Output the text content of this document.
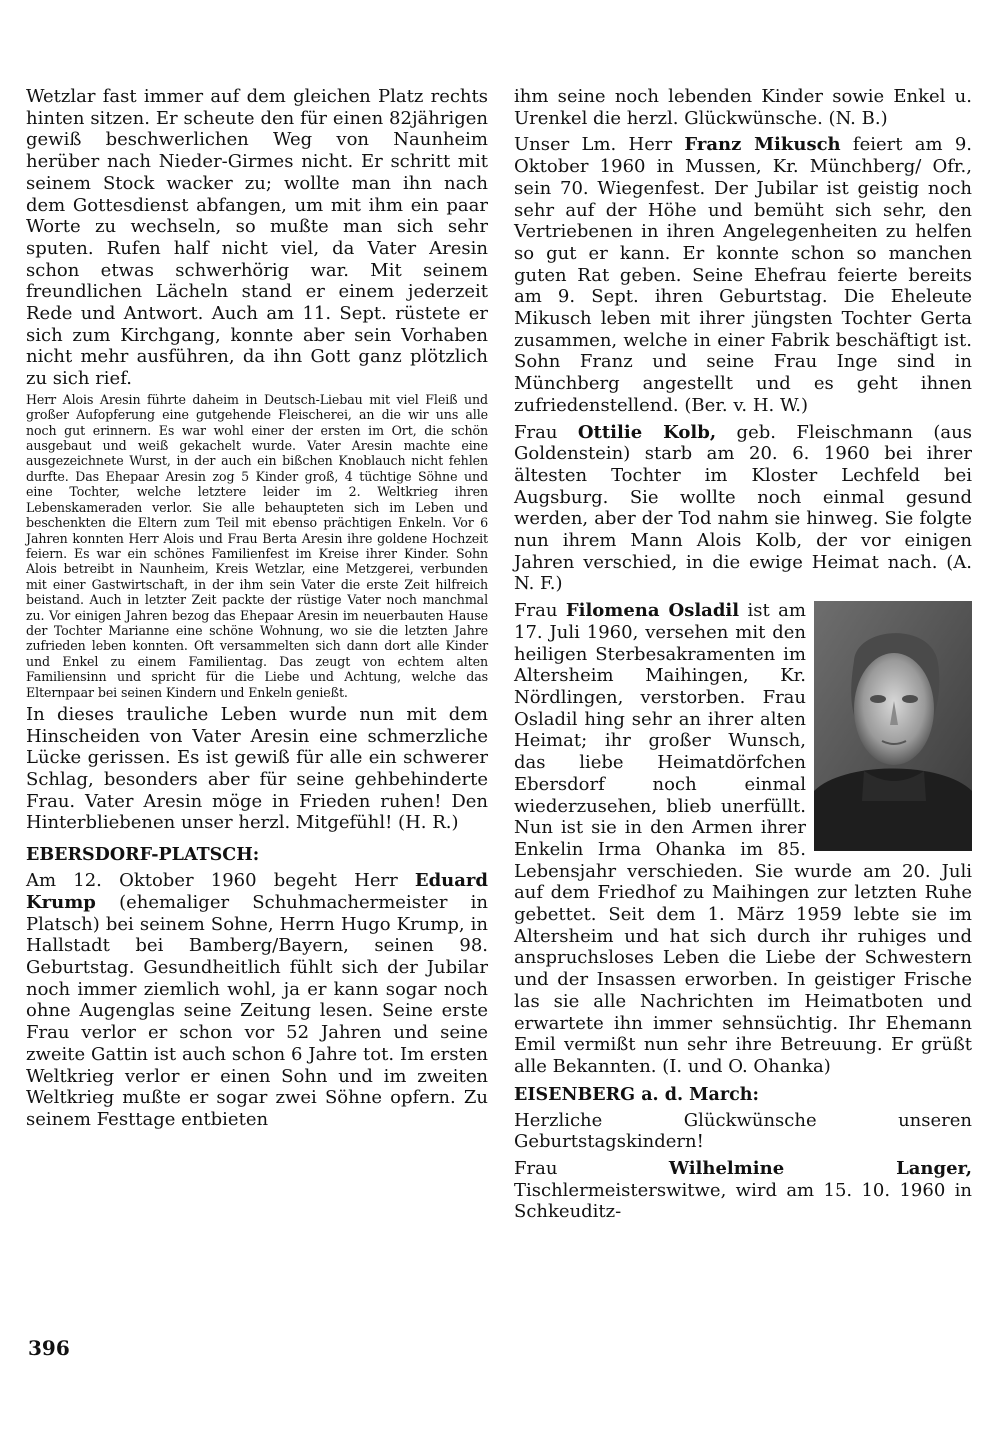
Wetzlar fast immer auf dem gleichen Platz rechts hinten sitzen. Er scheute den für einen 82jährigen gewiß beschwerlichen Weg von Naunheim herüber nach Nieder-Girmes nicht. Er schritt mit seinem Stock wacker zu; wollte man ihn nach dem Gottesdienst abfangen, um mit ihm ein paar Worte zu wechseln, so mußte man sich sehr sputen. Rufen half nicht viel, da Vater Aresin schon etwas schwerhörig war. Mit seinem freundlichen Lächeln stand er einem jederzeit Rede und Antwort. Auch am 11. Sept. rüstete er sich zum Kirchgang, konnte aber sein Vorhaben nicht mehr ausführen, da ihn Gott ganz plötzlich zu sich rief.

Herr Alois Aresin führte daheim in Deutsch-Liebau mit viel Fleiß und großer Aufopferung eine gutgehende Fleischerei, an die wir uns alle noch gut erinnern. Es war wohl einer der ersten im Ort, die schön ausgebaut und weiß gekachelt wurde. Vater Aresin machte eine ausgezeichnete Wurst, in der auch ein bißchen Knoblauch nicht fehlen durfte. Das Ehepaar Aresin zog 5 Kinder groß, 4 tüchtige Söhne und eine Tochter, welche letztere leider im 2. Weltkrieg ihren Lebenskameraden verlor. Sie alle behaupteten sich im Leben und beschenkten die Eltern zum Teil mit ebenso prächtigen Enkeln. Vor 6 Jahren konnten Herr Alois und Frau Berta Aresin ihre goldene Hochzeit feiern. Es war ein schönes Familienfest im Kreise ihrer Kinder. Sohn Alois betreibt in Naunheim, Kreis Wetzlar, eine Metzgerei, verbunden mit einer Gastwirtschaft, in der ihm sein Vater die erste Zeit hilfreich beistand. Auch in letzter Zeit packte der rüstige Vater noch manchmal zu. Vor einigen Jahren bezog das Ehepaar Aresin im neuerbauten Hause der Tochter Marianne eine schöne Wohnung, wo sie die letzten Jahre zufrieden leben konnten. Oft versammelten sich dann dort alle Kinder und Enkel zu einem Familientag. Das zeugt von echtem alten Familiensinn und spricht für die Liebe und Achtung, welche das Elternpaar bei seinen Kindern und Enkeln genießt.

In dieses trauliche Leben wurde nun mit dem Hinscheiden von Vater Aresin eine schmerzliche Lücke gerissen. Es ist gewiß für alle ein schwerer Schlag, besonders aber für seine gehbehinderte Frau. Vater Aresin möge in Frieden ruhen! Den Hinterbliebenen unser herzl. Mitgefühl! (H. R.)

EBERSDORF-PLATSCH:

Am 12. Oktober 1960 begeht Herr Eduard Krump (ehemaliger Schuhmachermeister in Platsch) bei seinem Sohne, Herrn Hugo Krump, in Hallstadt bei Bamberg/Bayern, seinen 98. Geburtstag. Gesundheitlich fühlt sich der Jubilar noch immer ziemlich wohl, ja er kann sogar noch ohne Augenglas seine Zeitung lesen. Seine erste Frau verlor er schon vor 52 Jahren und seine zweite Gattin ist auch schon 6 Jahre tot. Im ersten Weltkrieg verlor er einen Sohn und im zweiten Weltkrieg mußte er sogar zwei Söhne opfern. Zu seinem Festtage entbieten

ihm seine noch lebenden Kinder sowie Enkel u. Urenkel die herzl. Glückwünsche. (N. B.)

Unser Lm. Herr Franz Mikusch feiert am 9. Oktober 1960 in Mussen, Kr. Münchberg/ Ofr., sein 70. Wiegenfest. Der Jubilar ist geistig noch sehr auf der Höhe und bemüht sich sehr, den Vertriebenen in ihren Angelegenheiten zu helfen so gut er kann. Er konnte schon so manchen guten Rat geben. Seine Ehefrau feierte bereits am 9. Sept. ihren Geburtstag. Die Eheleute Mikusch leben mit ihrer jüngsten Tochter Gerta zusammen, welche in einer Fabrik beschäftigt ist. Sohn Franz und seine Frau Inge sind in Münchberg angestellt und es geht ihnen zufriedenstellend. (Ber. v. H. W.)

Frau Ottilie Kolb, geb. Fleischmann (aus Goldenstein) starb am 20. 6. 1960 bei ihrer ältesten Tochter im Kloster Lechfeld bei Augsburg. Sie wollte noch einmal gesund werden, aber der Tod nahm sie hinweg. Sie folgte nun ihrem Mann Alois Kolb, der vor einigen Jahren verschied, in die ewige Heimat nach. (A. N. F.)

Frau Filomena Osladil ist am 17. Juli 1960, versehen mit den heiligen Sterbesakramenten im Altersheim Maihingen, Kr. Nördlingen, verstorben. Frau Osladil hing sehr an ihrer alten Heimat; ihr großer Wunsch, das liebe Heimatdörfchen Ebersdorf noch einmal wiederzusehen, blieb unerfüllt. Nun ist sie in den Armen ihrer Enkelin Irma Ohanka im 85. Lebensjahr verschieden. Sie wurde am 20. Juli auf dem Friedhof zu Maihingen zur letzten Ruhe gebettet. Seit dem 1. März 1959 lebte sie im Altersheim und hat sich durch ihr ruhiges und anspruchsloses Leben die Liebe der Schwestern und der Insassen erworben. In geistiger Frische las sie alle Nachrichten im Heimatboten und erwartete ihn immer sehnsüchtig. Ihr Ehemann Emil vermißt nun sehr ihre Betreuung. Er grüßt alle Bekannten. (I. und O. Ohanka)

EISENBERG a. d. March:

Herzliche Glückwünsche unseren Geburtstagskindern!

Frau Wilhelmine Langer, Tischlermeisterswitwe, wird am 15. 10. 1960 in Schkeuditz-

396
